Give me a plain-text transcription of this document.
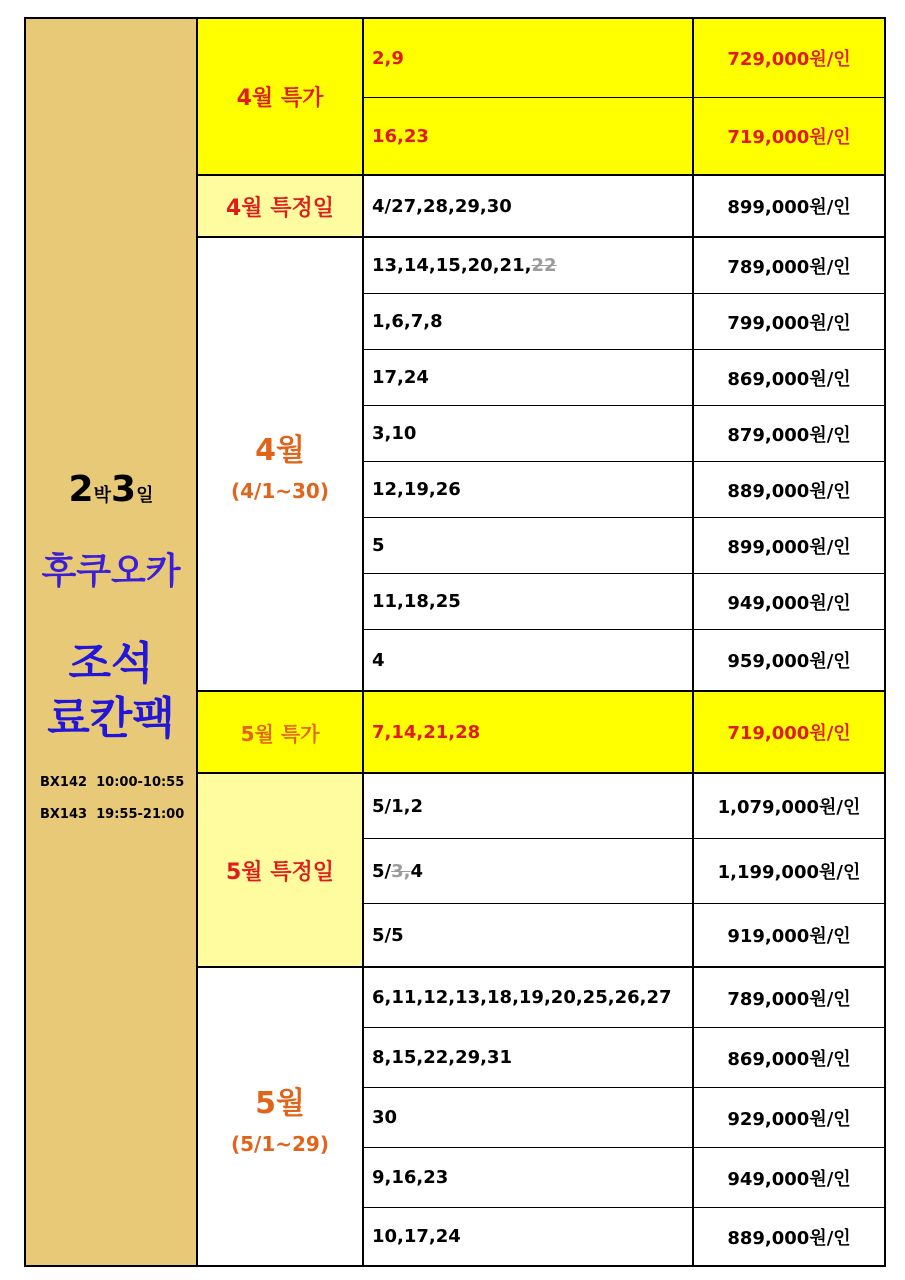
2박3일
후쿠오카
조석
료칸팩
BX142  10:00-10:55
BX143  19:55-21:00
4월 특가
2,9	729,000원/인
16,23	719,000원/인
4월 특정일	4/27,28,29,30	899,000원/인
4월
(4/1~30)
13,14,15,20,21, 22	789,000원/인
1,6,7,8	799,000원/인
17,24	869,000원/인
3,10	879,000원/인
12,19,26	889,000원/인
5	899,000원/인
11,18,25	949,000원/인
4	959,000원/인
5월 특가	7,14,21,28	719,000원/인
5월 특정일
5/1,2	1,079,000원/인
5/ 3, 4	1,199,000원/인
5/5	919,000원/인
5월
(5/1~29)
6,11,12,13,18,19,20,25,26,27	789,000원/인
8,15,22,29,31	869,000원/인
30	929,000원/인
9,16,23	949,000원/인
10,17,24	889,000원/인
